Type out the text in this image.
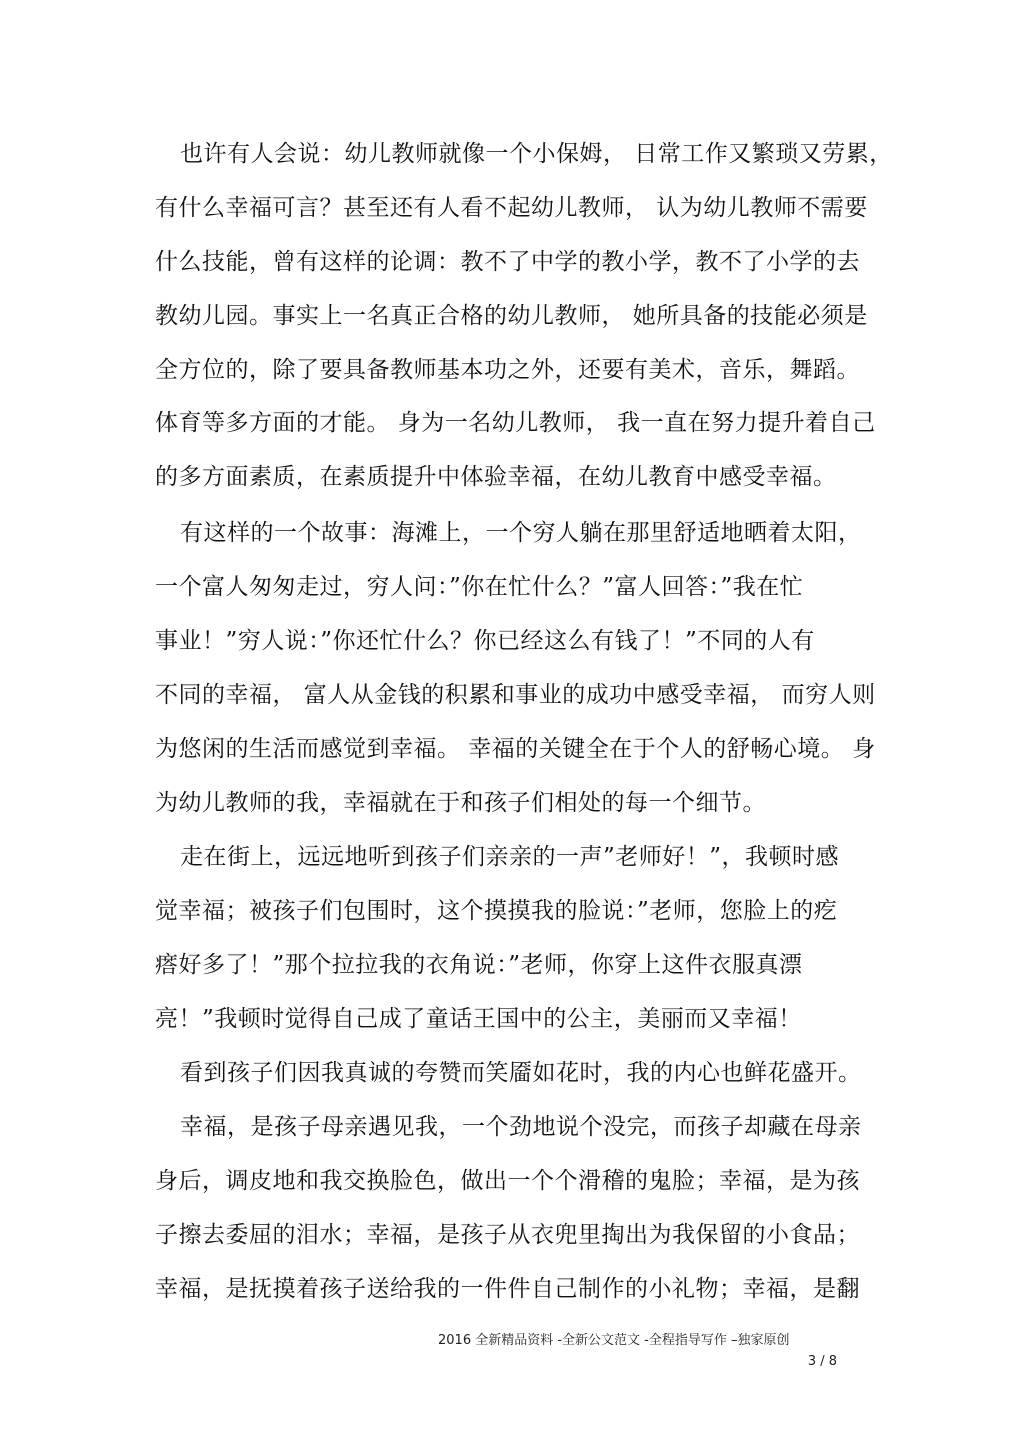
也许有人会说：幼儿教师就像一个小保姆， 日常工作又繁琐又劳累，
有什么幸福可言？甚至还有人看不起幼儿教师， 认为幼儿教师不需要
什么技能，曾有这样的论调：教不了中学的教小学，教不了小学的去
教幼儿园。事实上一名真正合格的幼儿教师， 她所具备的技能必须是
全方位的，除了要具备教师基本功之外，还要有美术，音乐，舞蹈。
体育等多方面的才能。 身为一名幼儿教师， 我一直在努力提升着自己
的多方面素质，在素质提升中体验幸福，在幼儿教育中感受幸福。
有这样的一个故事：海滩上，一个穷人躺在那里舒适地晒着太阳，
一个富人匆匆走过，穷人问：”你在忙什么？”富人回答：”我在忙
事业！”穷人说：”你还忙什么？你已经这么有钱了！”不同的人有
不同的幸福， 富人从金钱的积累和事业的成功中感受幸福， 而穷人则
为悠闲的生活而感觉到幸福。 幸福的关键全在于个人的舒畅心境。 身
为幼儿教师的我，幸福就在于和孩子们相处的每一个细节。
走在街上，远远地听到孩子们亲亲的一声”老师好！”，我顿时感
觉幸福；被孩子们包围时，这个摸摸我的脸说：”老师，您脸上的疙
瘩好多了！”那个拉拉我的衣角说：”老师，你穿上这件衣服真漂
亮！”我顿时觉得自己成了童话王国中的公主，美丽而又幸福！
看到孩子们因我真诚的夸赞而笑靥如花时，我的内心也鲜花盛开。
幸福，是孩子母亲遇见我，一个劲地说个没完，而孩子却藏在母亲
身后，调皮地和我交换脸色，做出一个个滑稽的鬼脸；幸福，是为孩
子擦去委屈的泪水；幸福，是孩子从衣兜里掏出为我保留的小食品；
幸福，是抚摸着孩子送给我的一件件自己制作的小礼物；幸福，是翻
2016 全新精品资料 -全新公文范文 -全程指导写作 –独家原创
3 / 8
